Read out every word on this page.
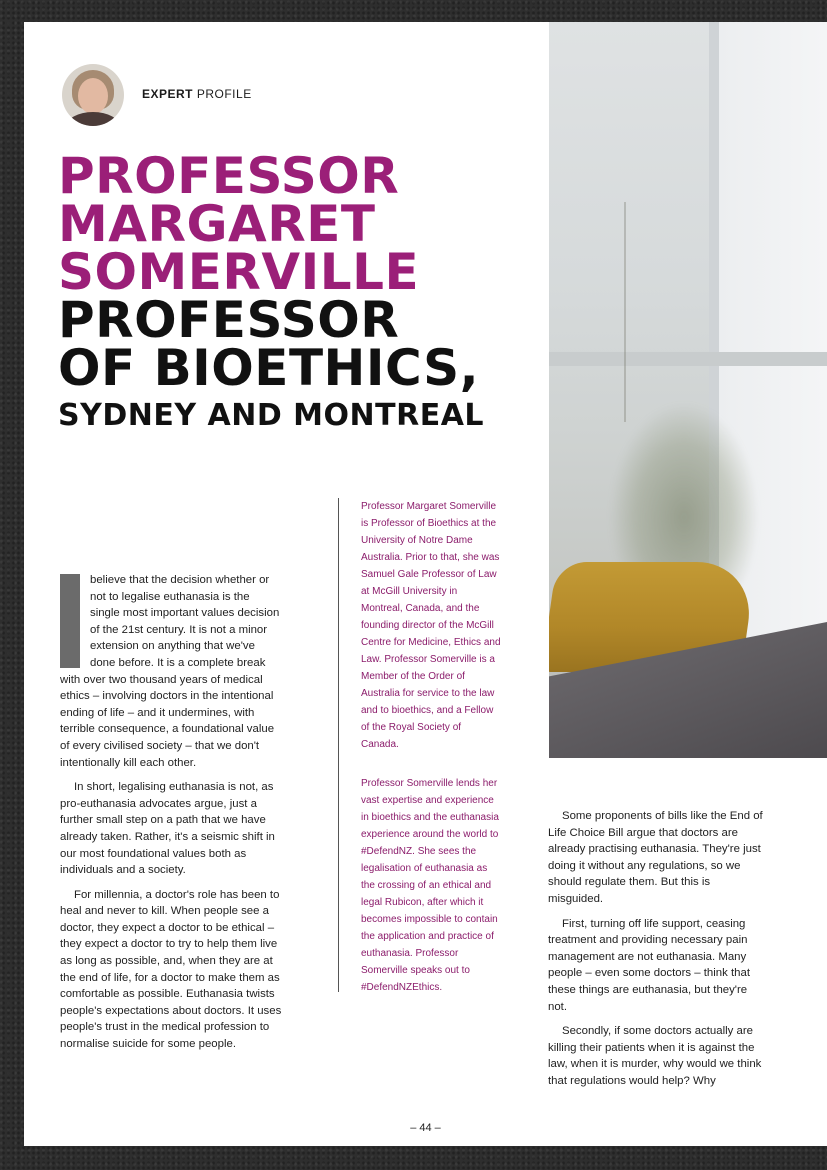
EXPERT PROFILE
PROFESSOR
MARGARET
SOMERVILLE
PROFESSOR
OF BIOETHICS,
SYDNEY AND MONTREAL

believe that the decision whether or not to legalise euthanasia is the single most important values decision of the 21st century. It is not a minor extension on anything that we've done before. It is a complete break with over two thousand years of medical ethics – involving doctors in the intentional ending of life – and it undermines, with terrible consequence, a foundational value of every civilised society – that we don't intentionally kill each other.

In short, legalising euthanasia is not, as pro-euthanasia advocates argue, just a further small step on a path that we have already taken. Rather, it's a seismic shift in our most foundational values both as individuals and a society.

For millennia, a doctor's role has been to heal and never to kill. When people see a doctor, they expect a doctor to be ethical – they expect a doctor to try to help them live as long as possible, and, when they are at the end of life, for a doctor to make them as comfortable as possible. Euthanasia twists people's expectations about doctors. It uses people's trust in the medical profession to normalise suicide for some people.

Professor Margaret Somerville is Professor of Bioethics at the University of Notre Dame Australia. Prior to that, she was Samuel Gale Professor of Law at McGill University in Montreal, Canada, and the founding director of the McGill Centre for Medicine, Ethics and Law. Professor Somerville is a Member of the Order of Australia for service to the law and to bioethics, and a Fellow of the Royal Society of Canada.

Professor Somerville lends her vast expertise and experience in bioethics and the euthanasia experience around the world to #DefendNZ. She sees the legalisation of euthanasia as the crossing of an ethical and legal Rubicon, after which it becomes impossible to contain the application and practice of euthanasia. Professor Somerville speaks out to #DefendNZEthics.

Some proponents of bills like the End of Life Choice Bill argue that doctors are already practising euthanasia. They're just doing it without any regulations, so we should regulate them. But this is misguided.

First, turning off life support, ceasing treatment and providing necessary pain management are not euthanasia. Many people – even some doctors – think that these things are euthanasia, but they're not.

Secondly, if some doctors actually are killing their patients when it is against the law, when it is murder, why would we think that regulations would help? Why

– 44 –
